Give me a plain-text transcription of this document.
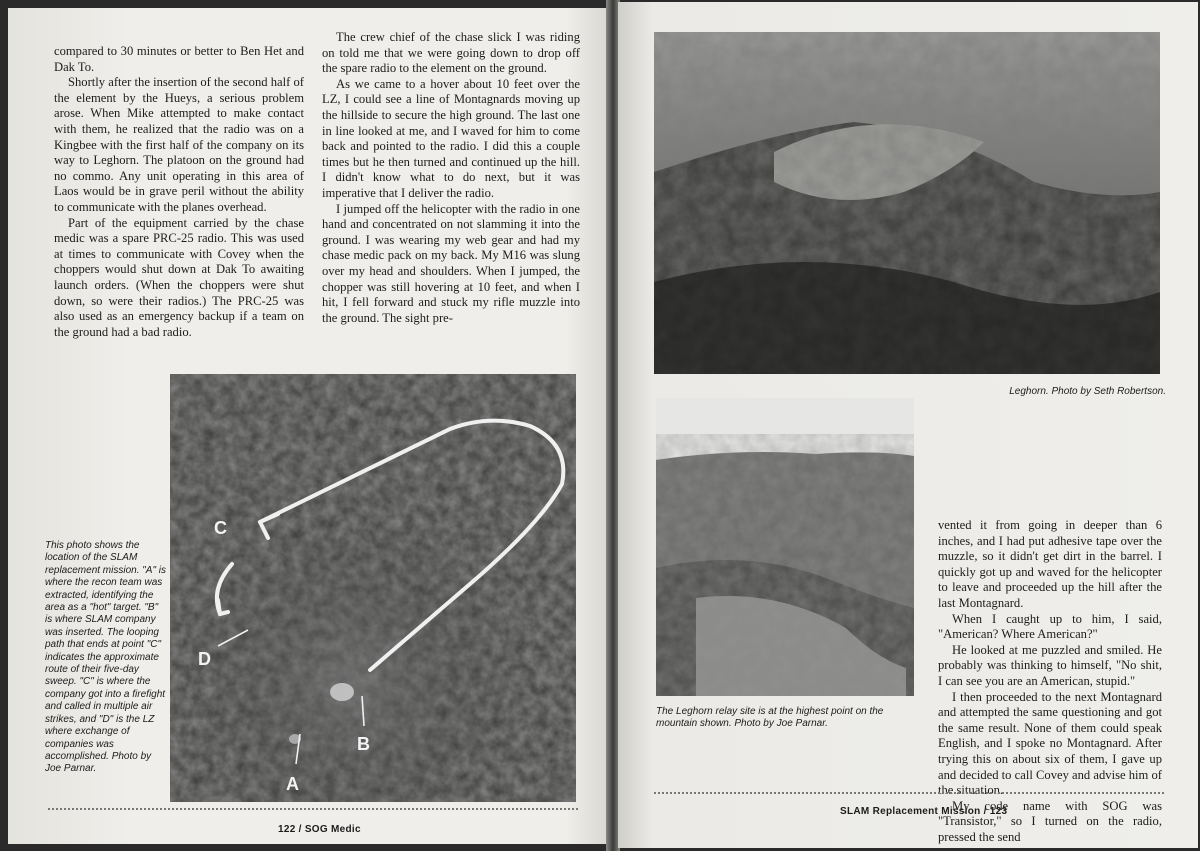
compared to 30 minutes or better to Ben Het and Dak To.

Shortly after the insertion of the second half of the element by the Hueys, a serious problem arose. When Mike attempted to make contact with them, he realized that the radio was on a Kingbee with the first half of the company on its way to Leghorn. The platoon on the ground had no commo. Any unit operating in this area of Laos would be in grave peril without the ability to communicate with the planes overhead.

Part of the equipment carried by the chase medic was a spare PRC-25 radio. This was used at times to communicate with Covey when the choppers would shut down at Dak To awaiting launch orders. (When the choppers were shut down, so were their radios.) The PRC-25 was also used as an emergency backup if a team on the ground had a bad radio.

The crew chief of the chase slick I was riding on told me that we were going down to drop off the spare radio to the element on the ground.

As we came to a hover about 10 feet over the LZ, I could see a line of Montagnards moving up the hillside to secure the high ground. The last one in line looked at me, and I waved for him to come back and pointed to the radio. I did this a couple times but he then turned and continued up the hill. I didn't know what to do next, but it was imperative that I deliver the radio.

I jumped off the helicopter with the radio in one hand and concentrated on not slamming it into the ground. I was wearing my web gear and had my chase medic pack on my back. My M16 was slung over my head and shoulders. When I jumped, the chopper was still hovering at 10 feet, and when I hit, I fell forward and stuck my rifle muzzle into the ground. The sight pre-

C
D
B
A
This photo shows the location of the SLAM replacement mission. "A" is where the recon team was extracted, identifying the area as a "hot" target. "B" is where SLAM company was inserted. The looping path that ends at point "C" indicates the approximate route of their five-day sweep. "C" is where the company got into a firefight and called in multiple air strikes, and "D" is the LZ where exchange of companies was accomplished. Photo by Joe Parnar.
122 / SOG Medic
Leghorn. Photo by Seth Robertson.
The Leghorn relay site is at the highest point on the mountain shown. Photo by Joe Parnar.

vented it from going in deeper than 6 inches, and I had put adhesive tape over the muzzle, so it didn't get dirt in the barrel. I quickly got up and waved for the helicopter to leave and proceeded up the hill after the last Montagnard.

When I caught up to him, I said, "American? Where American?"

He looked at me puzzled and smiled. He probably was thinking to himself, "No shit, I can see you are an American, stupid."

I then proceeded to the next Montagnard and attempted the same questioning and got the same result. None of them could speak English, and I spoke no Montagnard. After trying this on about six of them, I gave up and decided to call Covey and advise him of the situation.

My code name with SOG was "Transistor," so I turned on the radio, pressed the send

SLAM Replacement Mission / 123
